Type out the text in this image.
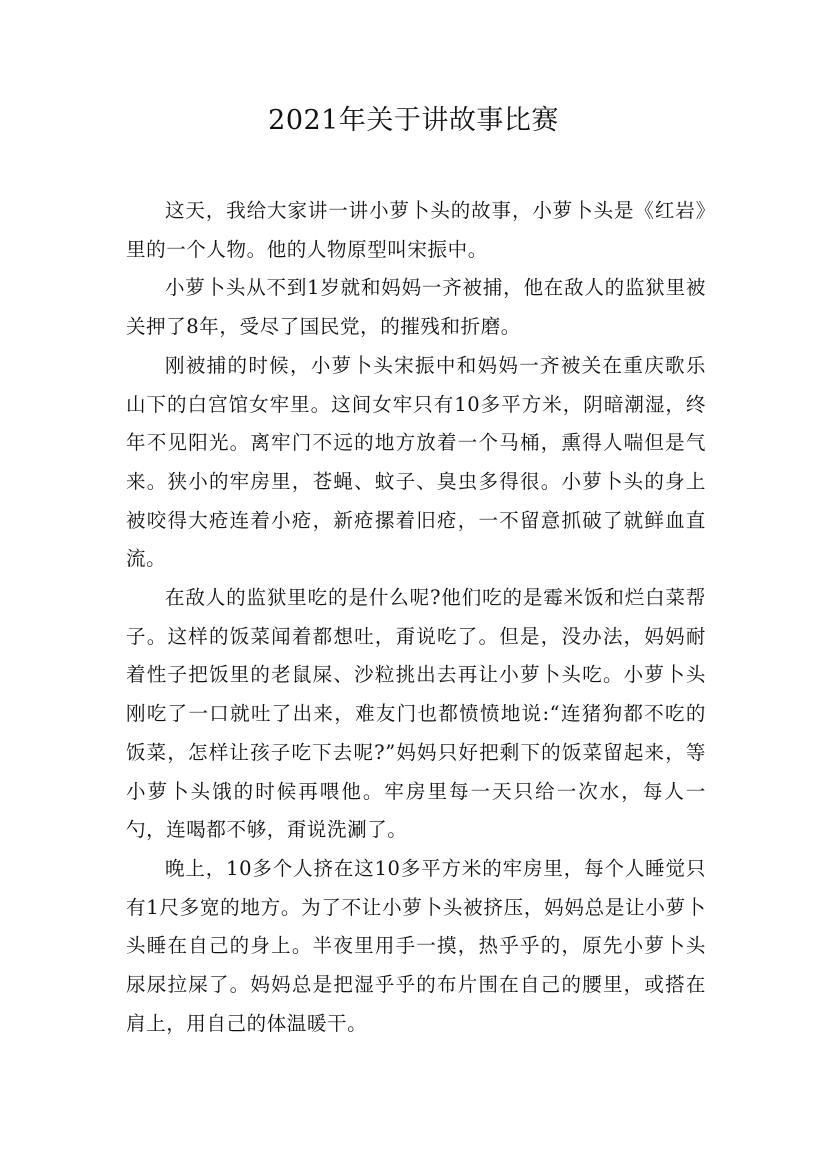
2021年关于讲故事比赛

这天，我给大家讲一讲小萝卜头的故事，小萝卜头是《红岩》里的一个人物。他的人物原型叫宋振中。

小萝卜头从不到1岁就和妈妈一齐被捕，他在敌人的监狱里被关押了8年，受尽了国民党，的摧残和折磨。

刚被捕的时候，小萝卜头宋振中和妈妈一齐被关在重庆歌乐山下的白宫馆女牢里。这间女牢只有10多平方米，阴暗潮湿，终年不见阳光。离牢门不远的地方放着一个马桶，熏得人喘但是气来。狭小的牢房里，苍蝇、蚊子、臭虫多得很。小萝卜头的身上被咬得大疮连着小疮，新疮摞着旧疮，一不留意抓破了就鲜血直流。

在敌人的监狱里吃的是什么呢?他们吃的是霉米饭和烂白菜帮子。这样的饭菜闻着都想吐，甭说吃了。但是，没办法，妈妈耐着性子把饭里的老鼠屎、沙粒挑出去再让小萝卜头吃。小萝卜头刚吃了一口就吐了出来，难友门也都愤愤地说:“连猪狗都不吃的饭菜，怎样让孩子吃下去呢?”妈妈只好把剩下的饭菜留起来，等小萝卜头饿的时候再喂他。牢房里每一天只给一次水，每人一勺，连喝都不够，甭说洗涮了。

晚上，10多个人挤在这10多平方米的牢房里，每个人睡觉只有1尺多宽的地方。为了不让小萝卜头被挤压，妈妈总是让小萝卜头睡在自己的身上。半夜里用手一摸，热乎乎的，原先小萝卜头尿尿拉屎了。妈妈总是把湿乎乎的布片围在自己的腰里，或搭在肩上，用自己的体温暖干。
